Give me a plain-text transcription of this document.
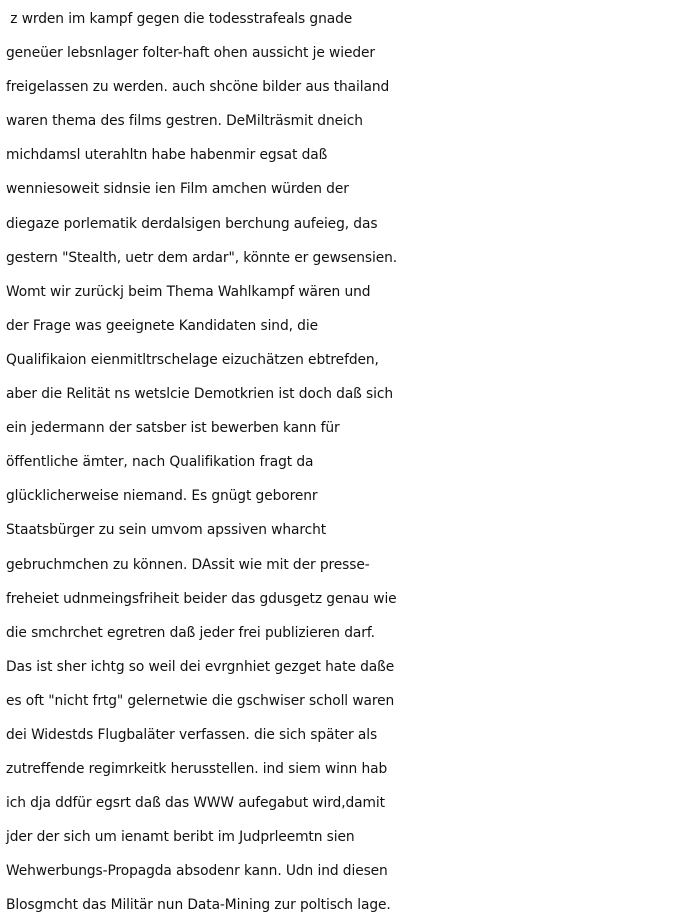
z wrden im kampf gegen die todesstrafeals gnade
geneüer lebsnlager folter-haft ohen aussicht je wieder
freigelassen zu werden. auch shcöne bilder aus thailand
waren thema des films gestren. DeMilträsmit dneich
michdamsl uterahltn habe habenmir egsat daß
wenniesoweit sidnsie ien Film amchen würden der
diegaze porlematik derdalsigen berchung aufeieg, das
gestern "Stealth, uetr dem ardar", könnte er gewsensien.
Womt wir zurückj beim Thema Wahlkampf wären und
der Frage was geeignete Kandidaten sind, die
Qualifikaion eienmitltrschelage eizuchätzen ebtrefden,
aber die Relität ns wetslcie Demotkrien ist doch daß sich
ein jedermann der satsber ist bewerben kann für
öffentliche ämter, nach Qualifikation fragt da
glücklicherweise niemand. Es gnügt geborenr
Staatsbürger zu sein umvom apssiven wharcht
gebruchmchen zu können. DAssit wie mit der presse-
freheiet udnmeingsfriheit beider das gdusgetz genau wie
die smchrchet egretren daß jeder frei publizieren darf.
Das ist sher ichtg so weil dei evrgnhiet gezget hate daße
es oft "nicht frtg" gelernetwie die gschwiser scholl waren
dei Widestds Flugbaläter verfassen. die sich später als
zutreffende regimrkeitk herusstellen. ind siem winn hab
ich dja ddfür egsrt daß das WWW aufegabut wird,damit
jder der sich um ienamt beribt im Judprleemtn sien
Wehwerbungs-Propagda absodenr kann. Udn ind diesen
Blosgmcht das Militär nun Data-Mining zur poltisch lage.
